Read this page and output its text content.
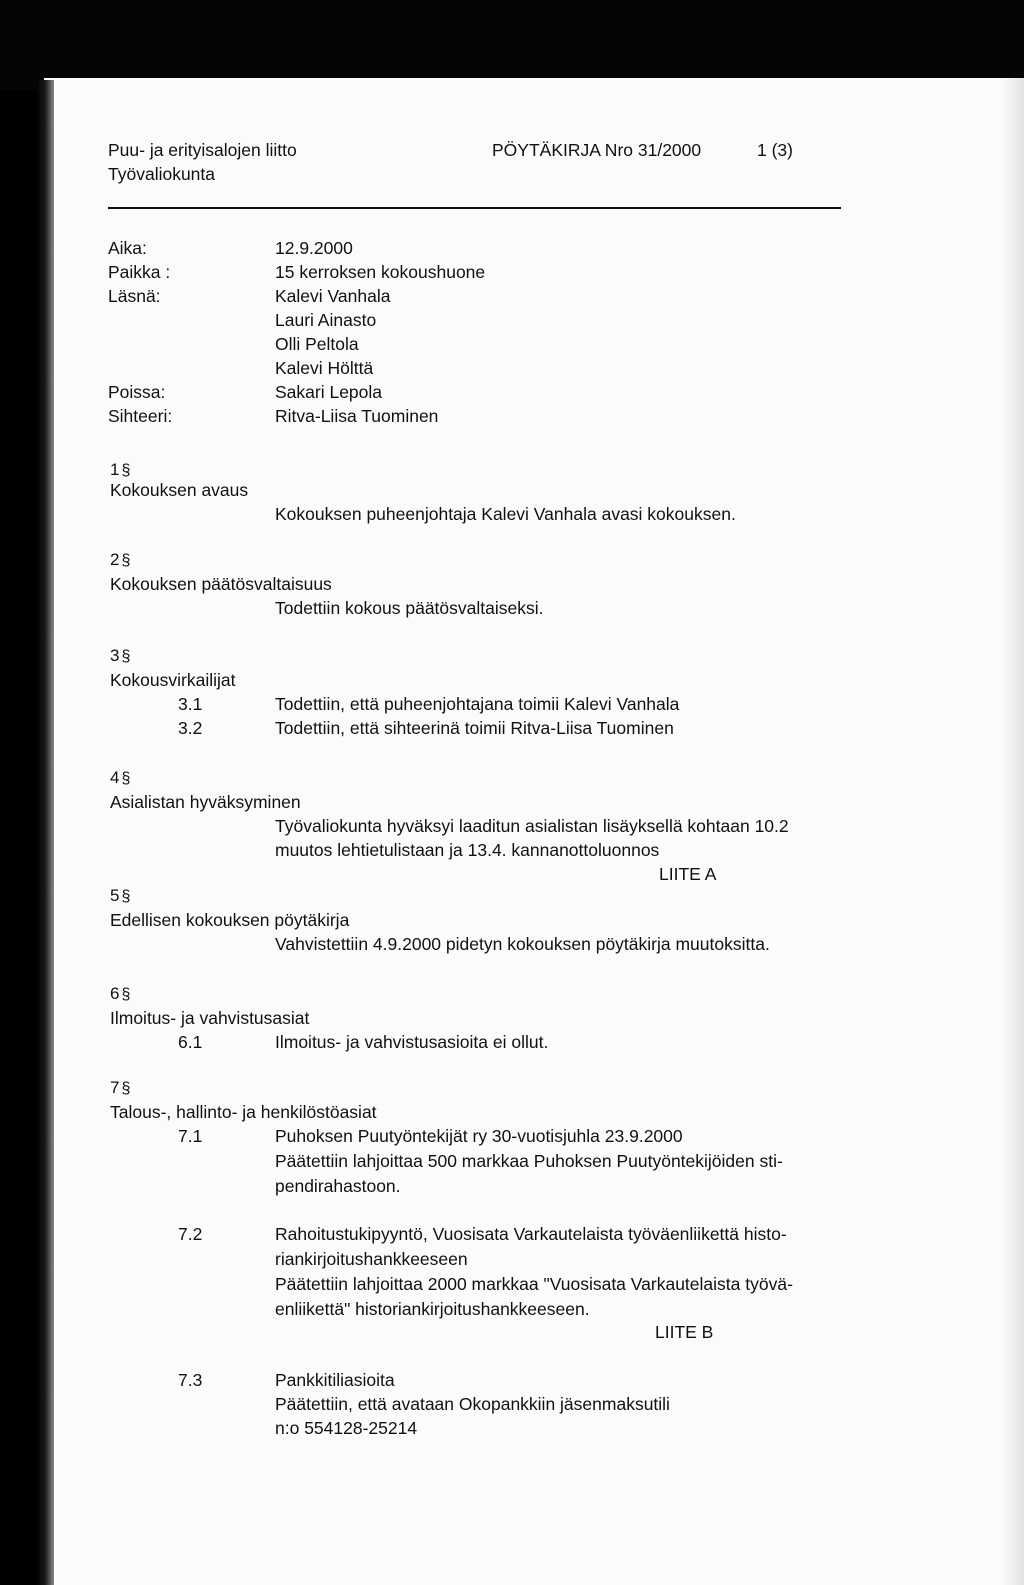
Puu- ja erityisalojen liitto
Työvaliokunta
PÖYTÄKIRJA Nro 31/2000	1 (3)
Aika:	12.9.2000
Paikka :	15 kerroksen kokoushuone
Läsnä:	Kalevi Vanhala
Lauri Ainasto
Olli Peltola
Kalevi Hölttä
Poissa:	Sakari Lepola
Sihteeri:	Ritva-Liisa Tuominen
1 §
Kokouksen avaus
Kokouksen puheenjohtaja Kalevi Vanhala avasi kokouksen.
2 §
Kokouksen päätösvaltaisuus
Todettiin kokous päätösvaltaiseksi.
3 §
Kokousvirkailijat
3.1	Todettiin, että puheenjohtajana toimii Kalevi Vanhala
3.2	Todettiin, että sihteerinä toimii Ritva-Liisa Tuominen
4 §
Asialistan hyväksyminen
Työvaliokunta hyväksyi laaditun asialistan lisäyksellä kohtaan 10.2
muutos lehtietulistaan ja 13.4. kannanottoluonnos
LIITE A
5 §
Edellisen kokouksen pöytäkirja
Vahvistettiin 4.9.2000 pidetyn kokouksen pöytäkirja muutoksitta.
6 §
Ilmoitus- ja vahvistusasiat
6.1	Ilmoitus- ja vahvistusasioita ei ollut.
7 §
Talous-, hallinto- ja henkilöstöasiat
7.1	Puhoksen Puutyöntekijät ry 30-vuotisjuhla 23.9.2000
Päätettiin lahjoittaa 500 markkaa Puhoksen Puutyöntekijöiden sti-
pendirahastoon.
7.2	Rahoitustukipyyntö, Vuosisata Varkautelaista työväenliikettä histo-
riankirjoitushankkeeseen
Päätettiin lahjoittaa 2000 markkaa "Vuosisata Varkautelaista työvä-
enliikettä" historiankirjoitushankkeeseen.
LIITE B
7.3	Pankkitiliasioita
Päätettiin, että avataan Okopankkiin jäsenmaksutili
n:o 554128-25214
